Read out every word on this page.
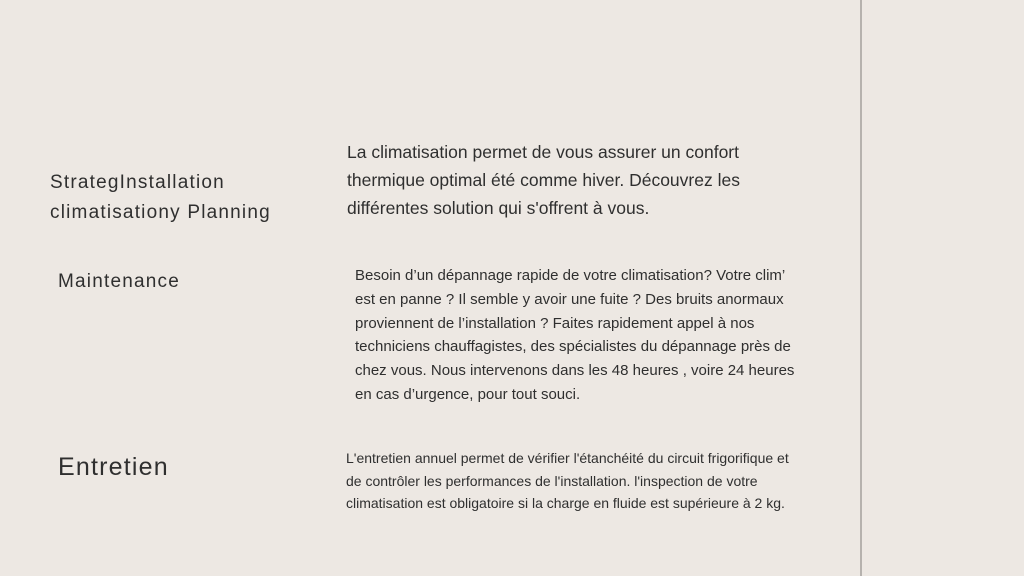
StrategInstallation climatisationy Planning

La climatisation permet de vous assurer un confort thermique optimal été comme hiver. Découvrez les différentes solution qui s'offrent à vous.

Maintenance	Besoin d’un dépannage rapide de votre climatisation? Votre clim’ est en panne ? Il semble y avoir une fuite ? Des bruits anormaux proviennent de l’installation ? Faites rapidement appel à nos techniciens chauffagistes, des spécialistes du dépannage près de chez vous. Nous intervenons dans les 48 heures , voire 24 heures en cas d’urgence, pour tout souci.

Entretien	L'entretien annuel permet de vérifier l'étanchéité du circuit frigorifique et de contrôler les performances de l'installation. l'inspection de votre climatisation est obligatoire si la charge en fluide est supérieure à 2 kg.
